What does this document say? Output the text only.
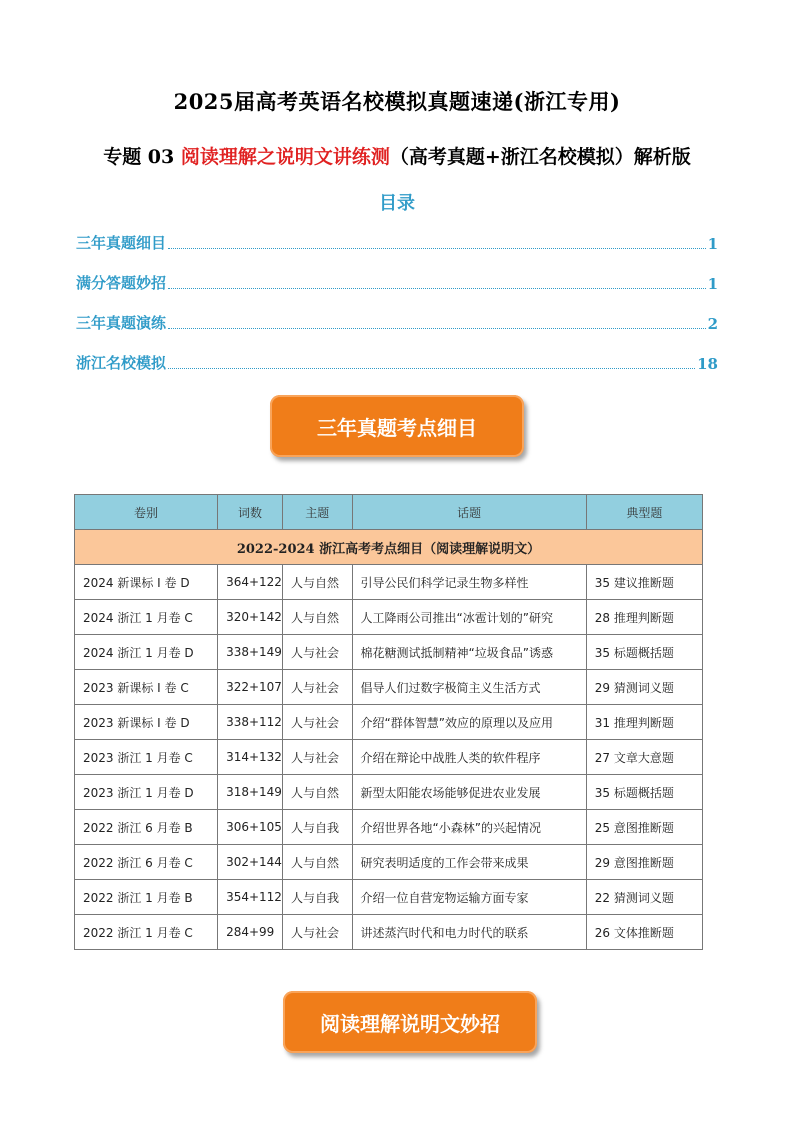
2025届高考英语名校模拟真题速递(浙江专用)
专题 03 阅读理解之说明文讲练测（高考真题+浙江名校模拟）解析版
目录
三年真题细目	1
满分答题妙招	1
三年真题演练	2
浙江名校模拟	18
三年真题考点细目
2022-2024 浙江高考考点细目（阅读理解说明文）				
卷别	词数	主题	话题	典型题
2024 新课标 I 卷 D	364+122	人与自然	引导公民们科学记录生物多样性	35 建议推断题
2024 浙江 1 月卷 C	320+142	人与自然	人工降雨公司推出“冰雹计划的”研究	28 推理判断题
2024 浙江 1 月卷 D	338+149	人与社会	棉花糖测试抵制精神“垃圾食品”诱惑	35 标题概括题
2023 新课标 I 卷 C	322+107	人与社会	倡导人们过数字极简主义生活方式	29 猜测词义题
2023 新课标 I 卷 D	338+112	人与社会	介绍“群体智慧”效应的原理以及应用	31 推理判断题
2023 浙江 1 月卷 C	314+132	人与社会	介绍在辩论中战胜人类的软件程序	27 文章大意题
2023 浙江 1 月卷 D	318+149	人与自然	新型太阳能农场能够促进农业发展	35 标题概括题
2022 浙江 6 月卷 B	306+105	人与自我	介绍世界各地“小森林”的兴起情况	25 意图推断题
2022 浙江 6 月卷 C	302+144	人与自然	研究表明适度的工作会带来成果	29 意图推断题
2022 浙江 1 月卷 B	354+112	人与自我	介绍一位自营宠物运输方面专家	22 猜测词义题
2022 浙江 1 月卷 C	284+99	人与社会	讲述蒸汽时代和电力时代的联系	26 文体推断题
阅读理解说明文妙招
